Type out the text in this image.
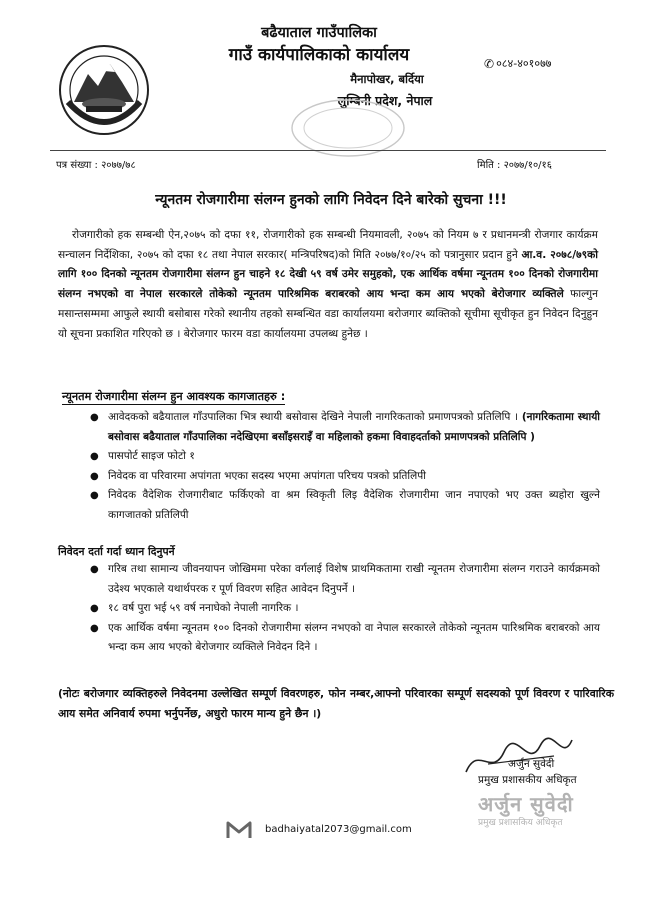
बढैयाताल गाउँपालिका
गाउँ कार्यपालिकाको कार्यालय
मैनापोखर, बर्दिया
लुम्बिनी प्रदेश, नेपाल
✆ ०८४-४०१०७७
पत्र संख्या : २०७७/७८	मिति : २०७७/१०/१६
न्यूनतम रोजगारीमा संलग्न हुनको लागि निवेदन दिने बारेको सुचना !!!

रोजगारीको हक सम्बन्धी ऐन,२०७५ को दफा ११, रोजगारीको हक सम्बन्धी नियमावली, २०७५ को नियम ७ र प्रधानमन्त्री रोजगार कार्यक्रम सन्चालन निर्देशिका, २०७५ को दफा १८ तथा नेपाल सरकार( मन्त्रिपरिषद)को मिति २०७७/१०/२५ को पत्रानुसार प्रदान हुने आ.व. २०७८/७९को लागि १०० दिनको न्यूनतम रोजगारीमा संलग्न हुन चाहने १८ देखी ५९ वर्ष उमेर समुहको, एक आर्थिक वर्षमा न्यूनतम १०० दिनको रोजगारीमा संलग्न नभएको वा नेपाल सरकारले तोकेको न्यूनतम पारिश्रमिक बराबरको आय भन्दा कम आय भएको बेरोजगार व्यक्तिले फाल्गुन मसान्तसम्ममा आफुले स्थायी बसोबास गरेको स्थानीय तहको सम्बन्धित वडा कार्यालयमा बरोजगार ब्यक्तिको सूचीमा सूचीकृत हुन निवेदन दिनुहुन यो सूचना प्रकाशित गरिएको छ । बेरोजगार फारम वडा कार्यालयमा उपलब्ध हुनेछ ।

न्यूनतम रोजगारीमा संलग्न हुन आवश्यक कागजातहरु :
● आवेदकको बढैयाताल गाँउपालिका भित्र स्थायी बसोवास देखिने नेपाली नागरिकताको प्रमाणपत्रको प्रतिलिपि । (नागरिकतामा स्थायी बसोवास बढैयाताल गाँउपालिका नदेखिएमा बसाँइसराइँ वा महिलाको हकमा विवाहदर्ताको प्रमाणपत्रको प्रतिलिपि )
● पासपोर्ट साइज फोटो १
● निवेदक वा परिवारमा अपांगता भएका सदस्य भएमा अपांगता परिचय पत्रको प्रतिलिपी
● निवेदक वैदेशिक रोजगारीबाट फर्किएको वा श्रम स्विकृती लिइ वैदेशिक रोजगारीमा जान नपाएको भए उक्त ब्यहोरा खुल्ने कागजातको प्रतिलिपी
निवेदन दर्ता गर्दा ध्यान दिनुपर्ने
● गरिब तथा सामान्य जीवनयापन जोखिममा परेका वर्गलाई विशेष प्राथमिकतामा राखी न्यूनतम रोजगारीमा संलग्न गराउने कार्यक्रमको उदेश्य भएकाले यथार्थपरक र पूर्ण विवरण सहित आवेदन दिनुपर्ने ।
● १८ वर्ष पुरा भई ५९ वर्ष ननाघेको नेपाली नागरिक ।
● एक आर्थिक वर्षमा न्यूनतम १०० दिनको रोजगारीमा संलग्न नभएको वा नेपाल सरकारले तोकेको न्यूनतम पारिश्रमिक बराबरको आय भन्दा कम आय भएको बेरोजगार व्यक्तिले निवेदन दिने ।

(नोटः बरोजगार व्यक्तिहरुले निवेदनमा उल्लेखित सम्पूर्ण विवरणहरु, फोन नम्बर,आफ्नो परिवारका सम्पूर्ण सदस्यको पूर्ण विवरण र पारिवारिक आय समेत अनिवार्य रुपमा भर्नुपर्नेछ, अधुरो फारम मान्य हुने छैन ।)

अर्जुन सुवेदी
प्रमुख प्रशासकीय अधिकृत
अर्जुन सुवेदी
प्रमुख प्रशासकिय अधिकृत
badhaiyatal2073@gmail.com
